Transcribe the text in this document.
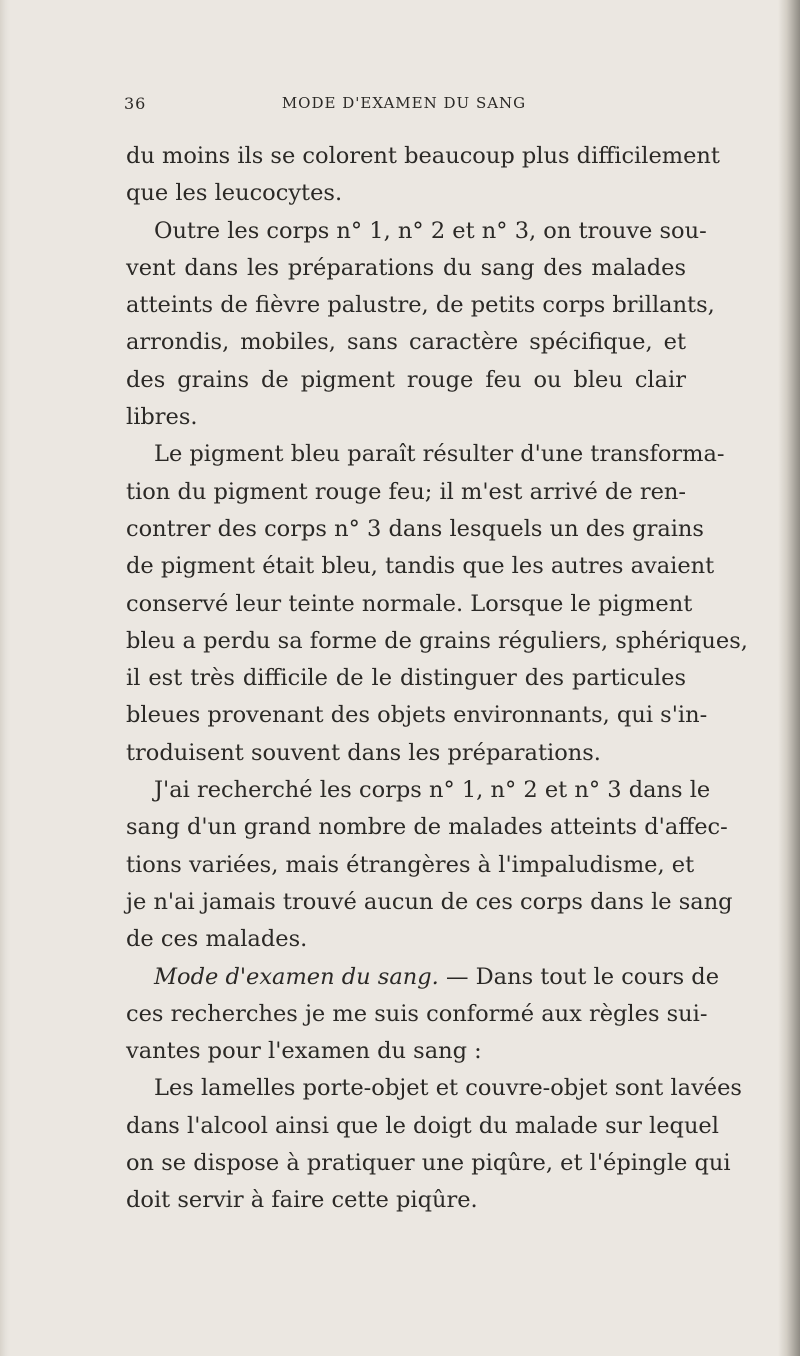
36	MODE D'EXAMEN DU SANG
du moins ils se colorent beaucoup plus difficilement
que les leucocytes.
Outre les corps n° 1, n° 2 et n° 3, on trouve sou-
vent dans les préparations du sang des malades
atteints de fièvre palustre, de petits corps brillants,
arrondis, mobiles, sans caractère spécifique, et
des grains de pigment rouge feu ou bleu clair
libres.
Le pigment bleu paraît résulter d'une transforma-
tion du pigment rouge feu; il m'est arrivé de ren-
contrer des corps n° 3 dans lesquels un des grains
de pigment était bleu, tandis que les autres avaient
conservé leur teinte normale. Lorsque le pigment
bleu a perdu sa forme de grains réguliers, sphériques,
il est très difficile de le distinguer des particules
bleues provenant des objets environnants, qui s'in-
troduisent souvent dans les préparations.
J'ai recherché les corps n° 1, n° 2 et n° 3 dans le
sang d'un grand nombre de malades atteints d'affec-
tions variées, mais étrangères à l'impaludisme, et
je n'ai jamais trouvé aucun de ces corps dans le sang
de ces malades.
Mode d'examen du sang. — Dans tout le cours de
ces recherches je me suis conformé aux règles sui-
vantes pour l'examen du sang :
Les lamelles porte-objet et couvre-objet sont lavées
dans l'alcool ainsi que le doigt du malade sur lequel
on se dispose à pratiquer une piqûre, et l'épingle qui
doit servir à faire cette piqûre.
